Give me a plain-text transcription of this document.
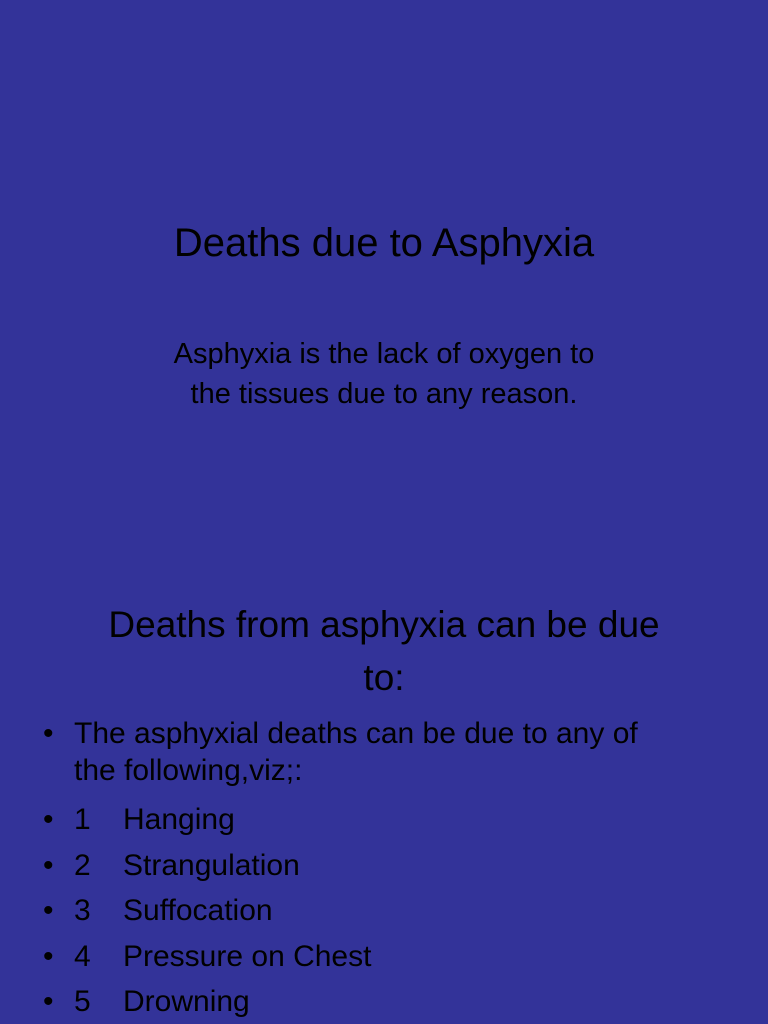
Deaths due to Asphyxia
Asphyxia is the lack of oxygen to
the tissues due to any reason.
Deaths from asphyxia can be due
to:
• The asphyxial deaths can be due to any of
the following,viz;:
• 1 Hanging
• 2 Strangulation
• 3 Suffocation
• 4 Pressure on Chest
• 5 Drowning
